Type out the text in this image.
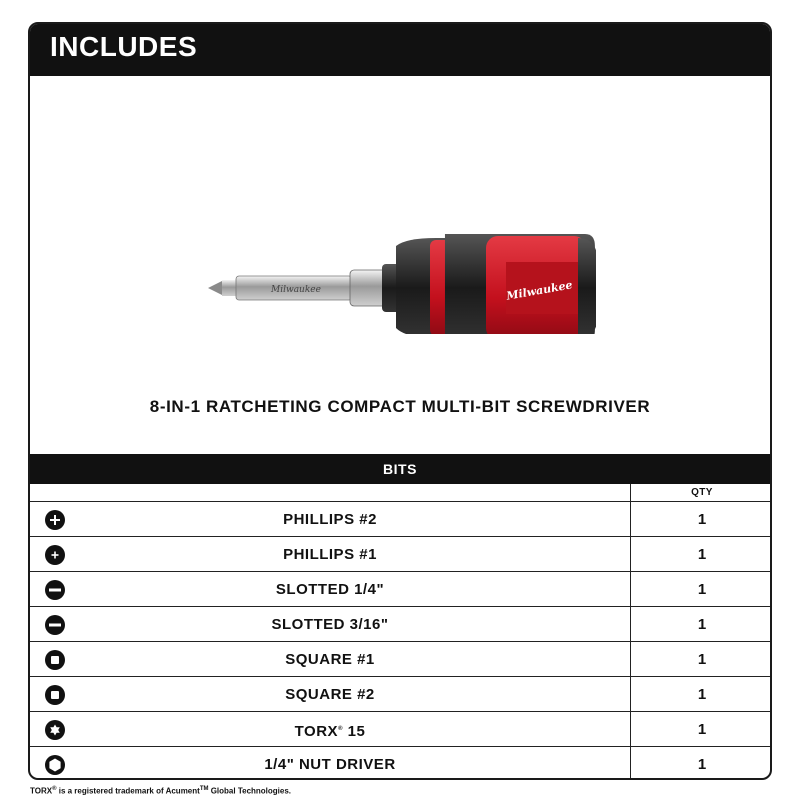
INCLUDES
Milwaukee	Milwaukee
8-IN-1 RATCHETING COMPACT MULTI-BIT SCREWDRIVER
BITS
QTY
PHILLIPS #2	1
PHILLIPS #1	1
SLOTTED 1/4"	1
SLOTTED 3/16"	1
SQUARE #1	1
SQUARE #2	1
TORX® 15	1
1/4" NUT DRIVER	1
TORX® is a registered trademark of Acument™ Global Technologies.
